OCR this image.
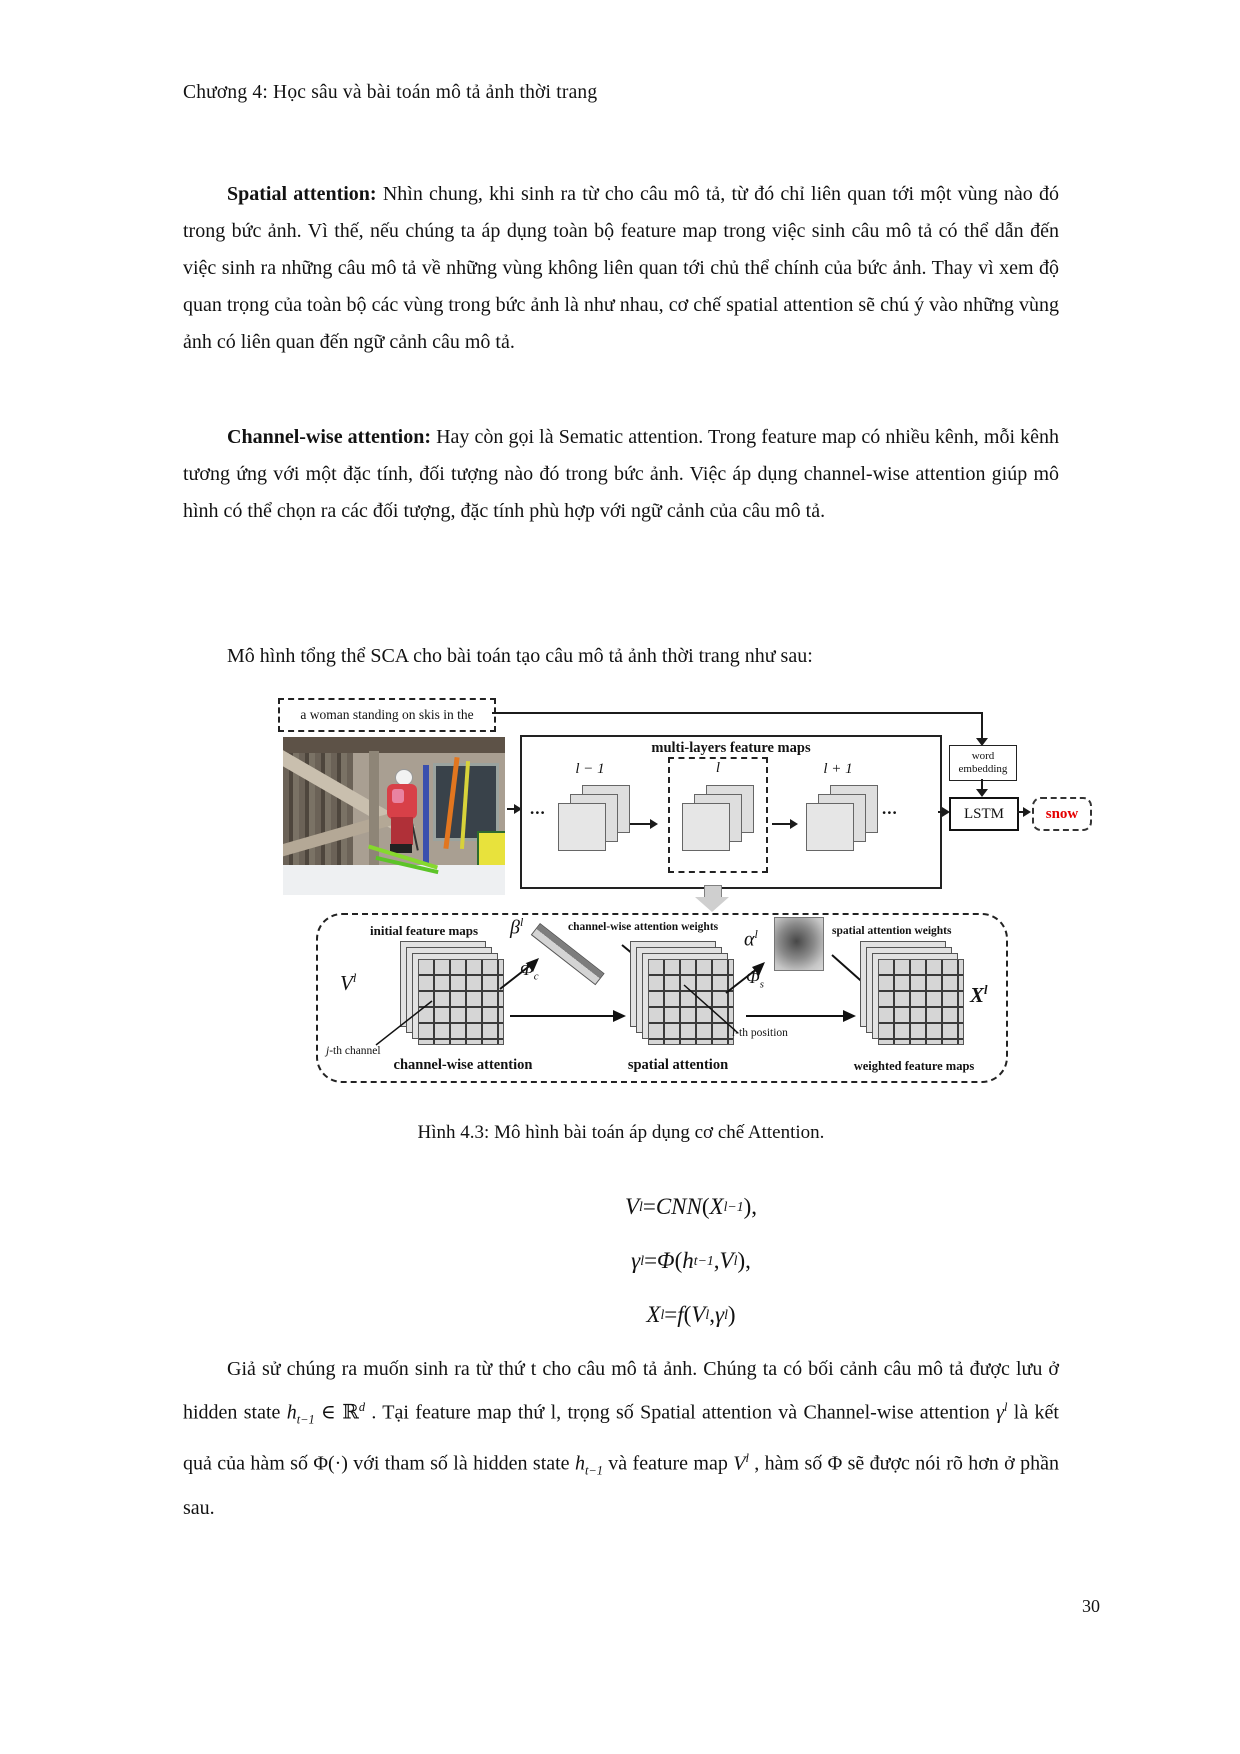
Chương 4: Học sâu và bài toán mô tả ảnh thời trang

Spatial attention: Nhìn chung, khi sinh ra từ cho câu mô tả, từ đó chỉ liên quan tới một vùng nào đó trong bức ảnh. Vì thế, nếu chúng ta áp dụng toàn bộ feature map trong việc sinh câu mô tả có thể dẫn đến việc sinh ra những câu mô tả về những vùng không liên quan tới chủ thể chính của bức ảnh. Thay vì xem độ quan trọng của toàn bộ các vùng trong bức ảnh là như nhau, cơ chế spatial attention sẽ chú ý vào những vùng ảnh có liên quan đến ngữ cảnh câu mô tả.

Channel-wise attention: Hay còn gọi là Sematic attention. Trong feature map có nhiều kênh, mỗi kênh tương ứng với một đặc tính, đối tượng nào đó trong bức ảnh. Việc áp dụng channel-wise attention giúp mô hình có thể chọn ra các đối tượng, đặc tính phù hợp với ngữ cảnh của câu mô tả.

Mô hình tổng thể SCA cho bài toán tạo câu mô tả ảnh thời trang như sau:

a woman standing on skis in the
multi-layers feature maps
...
l − 1	l	l + 1
...
word
embedding
LSTM	snow
initial feature maps
$V^l$
j-th channel
channel-wise attention
$\beta^l$
$\Phi_c$
channel-wise attention weights
i-th position
spatial attention
$\alpha^l$
$\Phi_s$
spatial attention weights
$X^l$
weighted feature maps
Hình 4.3: Mô hình bài toán áp dụng cơ chế Attention.
V l = CNN ( X l−1 ),
γ l = Φ ( h t−1 , V l ),
X l = f ( V l , γ l )

Giả sử chúng ra muốn sinh ra từ thứ t cho câu mô tả ảnh. Chúng ta có bối cảnh câu mô tả được lưu ở hidden state $h_{t-1}$ ∈ ℝ$^d$ . Tại feature map thứ l, trọng số Spatial attention và Channel-wise attention $\gamma^l$ là kết quả của hàm số Φ(·) với tham số là hidden state $h_{t-1}$ và feature map $V^l$ , hàm số Φ sẽ được nói rõ hơn ở phần sau.

30
